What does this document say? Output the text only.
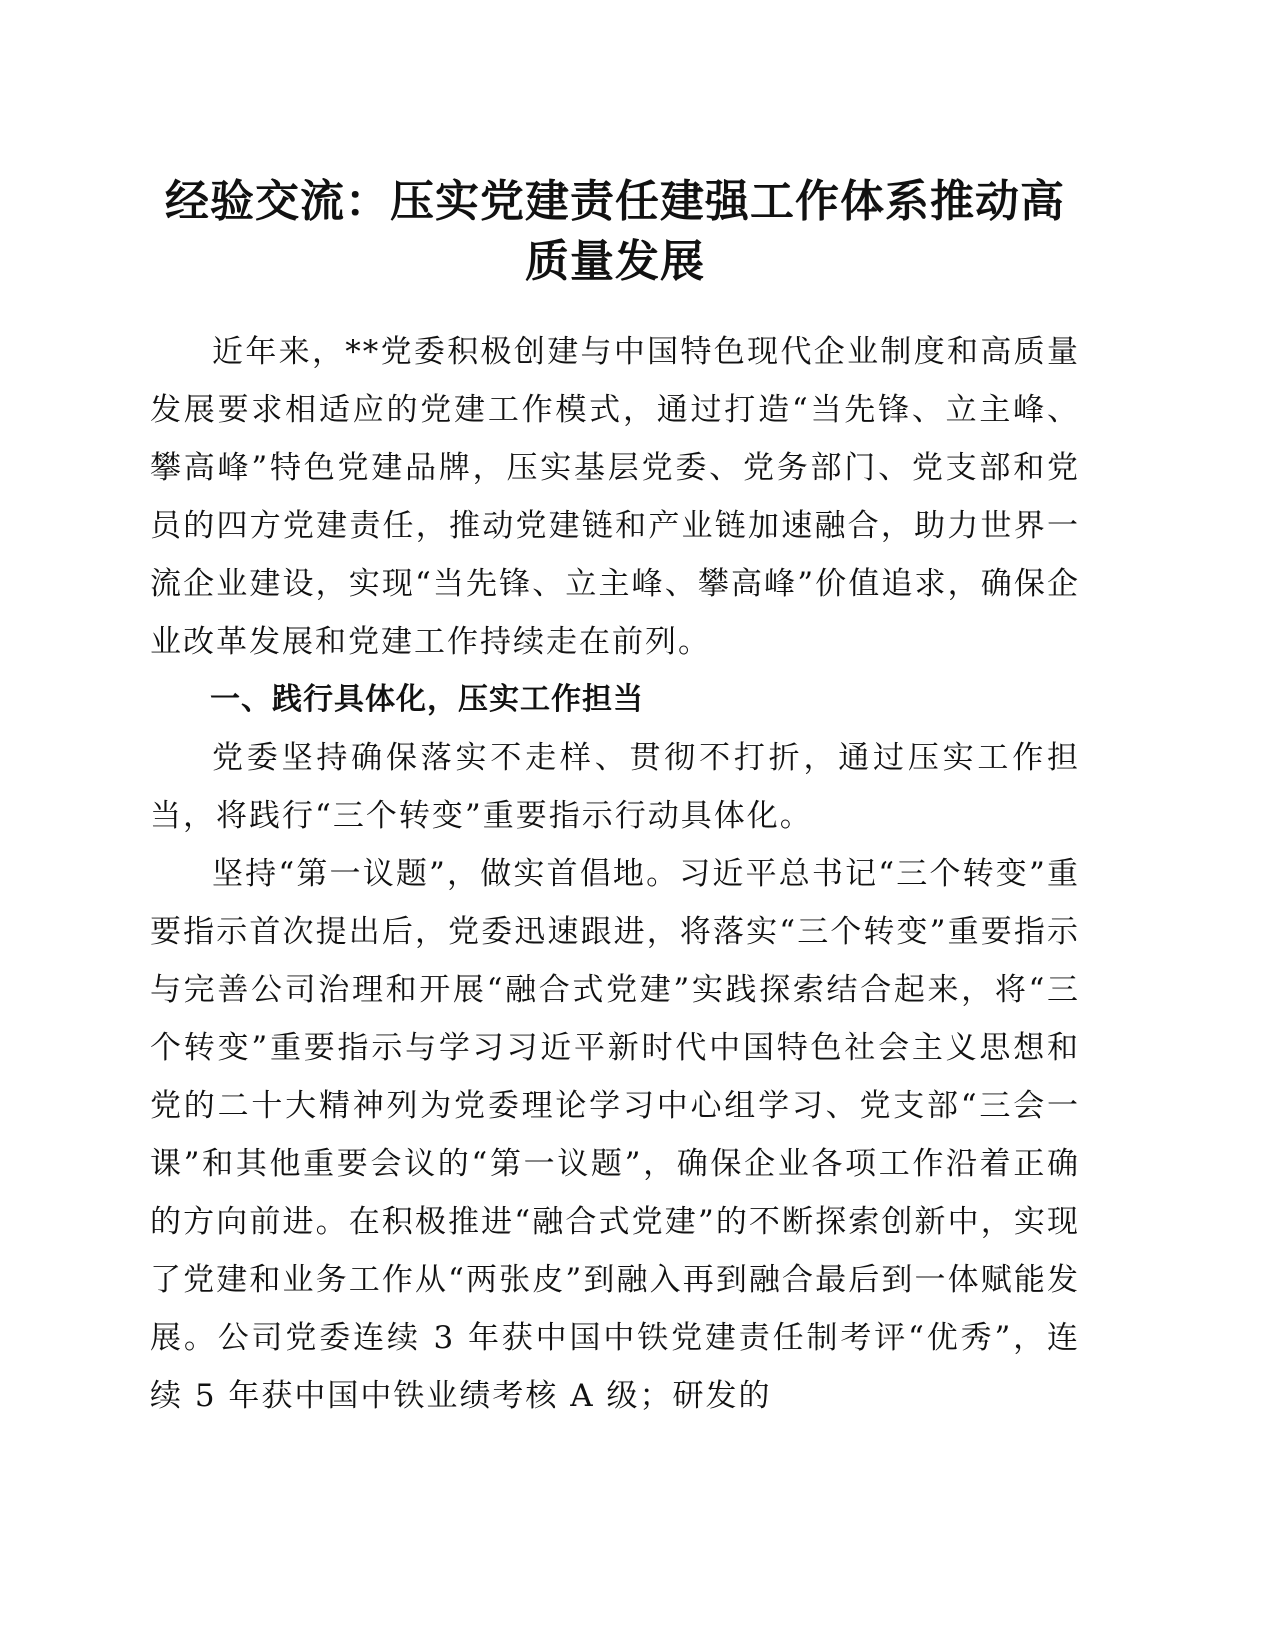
经验交流：压实党建责任建强工作体系推动高质量发展

近年来，**党委积极创建与中国特色现代企业制度和高质量发展要求相适应的党建工作模式，通过打造“当先锋、立主峰、攀高峰”特色党建品牌，压实基层党委、党务部门、党支部和党员的四方党建责任，推动党建链和产业链加速融合，助力世界一流企业建设，实现“当先锋、立主峰、攀高峰”价值追求，确保企业改革发展和党建工作持续走在前列。

一、践行具体化，压实工作担当

党委坚持确保落实不走样、贯彻不打折，通过压实工作担当，将践行“三个转变”重要指示行动具体化。

坚持“第一议题”，做实首倡地。习近平总书记“三个转变”重要指示首次提出后，党委迅速跟进，将落实“三个转变”重要指示与完善公司治理和开展“融合式党建”实践探索结合起来，将“三个转变”重要指示与学习习近平新时代中国特色社会主义思想和党的二十大精神列为党委理论学习中心组学习、党支部“三会一课”和其他重要会议的“第一议题”，确保企业各项工作沿着正确的方向前进。在积极推进“融合式党建”的不断探索创新中，实现了党建和业务工作从“两张皮”到融入再到融合最后到一体赋能发展。公司党委连续 3 年获中国中铁党建责任制考评“优秀”，连续 5 年获中国中铁业绩考核 A 级；研发的
